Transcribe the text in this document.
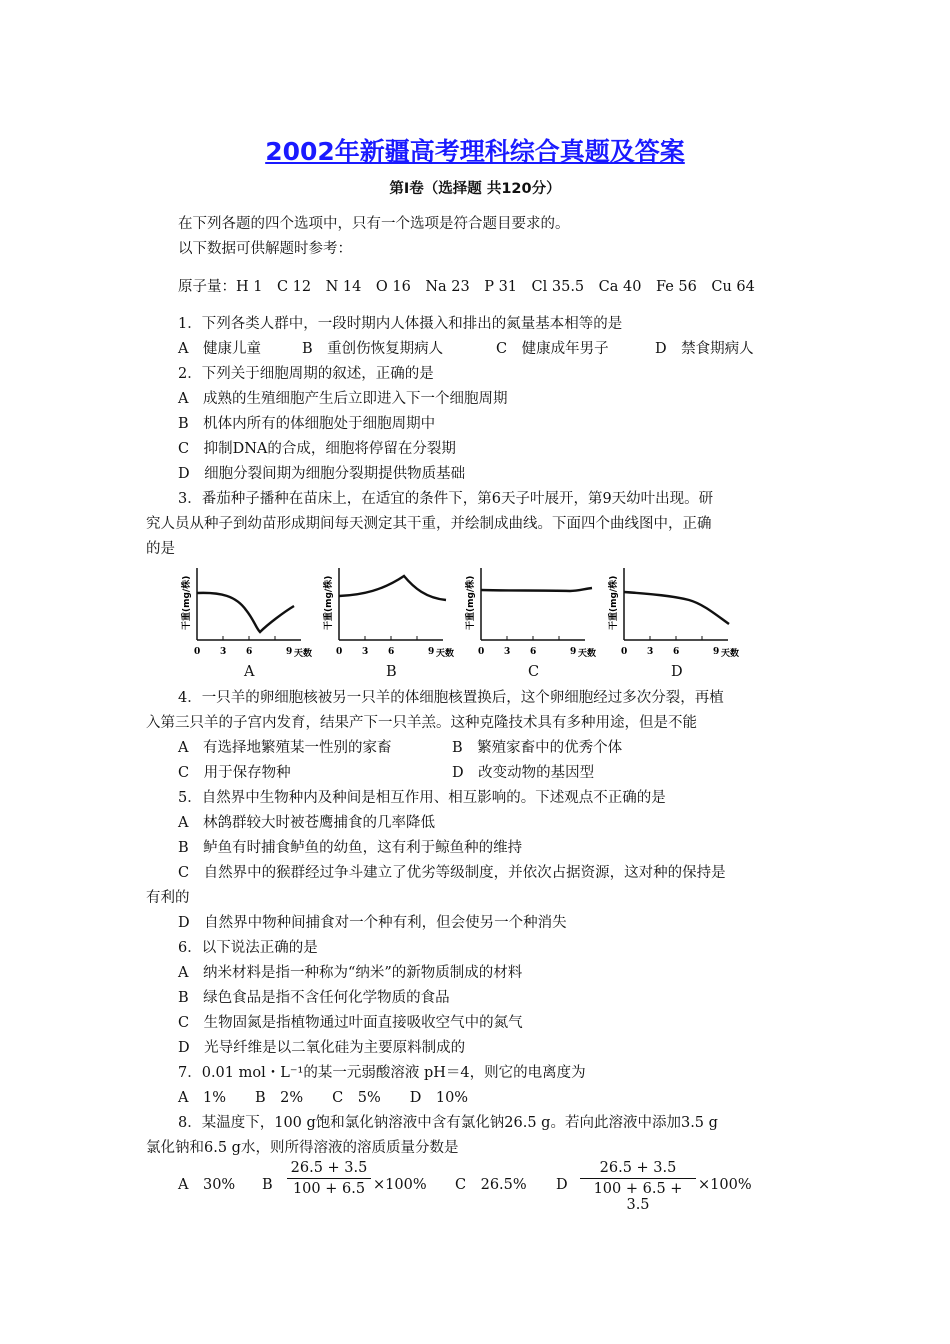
2002年新疆高考理科综合真题及答案
第Ⅰ卷（选择题 共120分）
在下列各题的四个选项中，只有一个选项是符合题目要求的。
以下数据可供解题时参考：
原子量：H 1　C 12　N 14　O 16　Na 23　P 31　Cl 35.5　Ca 40　Fe 56　Cu 64
1．下列各类人群中，一段时期内人体摄入和排出的氮量基本相等的是
A　健康儿童	B　重创伤恢复期病人	C　健康成年男子	D　禁食期病人
2．下列关于细胞周期的叙述，正确的是
A　成熟的生殖细胞产生后立即进入下一个细胞周期
B　机体内所有的体细胞处于细胞周期中
C　抑制DNA的合成，细胞将停留在分裂期
D　细胞分裂间期为细胞分裂期提供物质基础
3．番茄种子播种在苗床上，在适宜的条件下，第6天子叶展开，第9天幼叶出现。研
究人员从种子到幼苗形成期间每天测定其干重，并绘制成曲线。下面四个曲线图中，正确
的是
干重(mg/株)
0 3 6	9 天数
干重(mg/株)
0 3 6	9 天数
干重(mg/株)
0 3 6	9 天数
干重(mg/株)
0 3 6	9 天数
A	B	C	D
4．一只羊的卵细胞核被另一只羊的体细胞核置换后，这个卵细胞经过多次分裂，再植
入第三只羊的子宫内发育，结果产下一只羊羔。这种克隆技术具有多种用途，但是不能
A　有选择地繁殖某一性别的家畜	B　繁殖家畜中的优秀个体
C　用于保存物种	D　改变动物的基因型
5．自然界中生物种内及种间是相互作用、相互影响的。下述观点不正确的是
A　林鸽群较大时被苍鹰捕食的几率降低
B　鲈鱼有时捕食鲈鱼的幼鱼，这有利于鲸鱼种的维持
C　自然界中的猴群经过争斗建立了优劣等级制度，并依次占据资源，这对种的保持是
有利的
D　自然界中物种间捕食对一个种有利，但会使另一个种消失
6．以下说法正确的是
A　纳米材料是指一种称为“纳米”的新物质制成的材料
B　绿色食品是指不含任何化学物质的食品
C　生物固氮是指植物通过叶面直接吸收空气中的氮气
D　光导纤维是以二氧化硅为主要原料制成的
7．0.01 mol・L⁻¹的某一元弱酸溶液 pH＝4，则它的电离度为
A　1%　　B　2%　　C　5%　　D　10%
8．某温度下，100 g饱和氯化钠溶液中含有氯化钠26.5 g。若向此溶液中添加3.5 g
氯化钠和6.5 g水，则所得溶液的溶质质量分数是
A　30% B
26.5 + 3.5
100 + 6.5 ×100% C　26.5% D
26.5 + 3.5
100 + 6.5 + 3.5
×100%
